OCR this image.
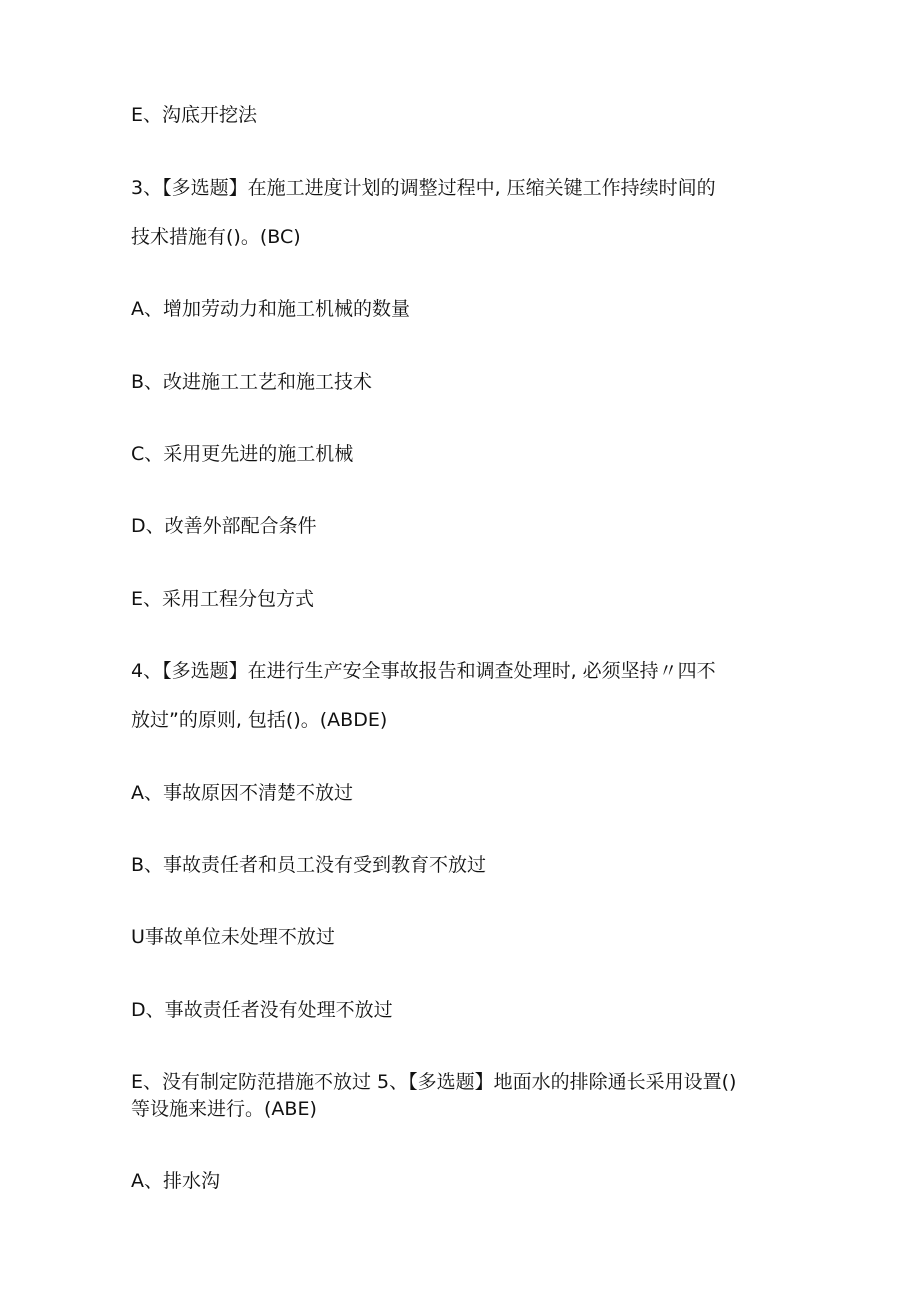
E、沟底开挖法
3、【多选题】在施工进度计划的调整过程中, 压缩关键工作持续时间的
技术措施有()。(BC)
A、增加劳动力和施工机械的数量
B、改进施工工艺和施工技术
C、采用更先进的施工机械
D、改善外部配合条件
E、采用工程分包方式
4、【多选题】在进行生产安全事故报告和调查处理时, 必须坚持〃四不
放过”的原则, 包括()。(ABDE)
A、事故原因不清楚不放过
B、事故责任者和员工没有受到教育不放过
U事故单位未处理不放过
D、事故责任者没有处理不放过
E、没有制定防范措施不放过 5、【多选题】地面水的排除通长采用设置()
等设施来进行。(ABE)
A、排水沟
